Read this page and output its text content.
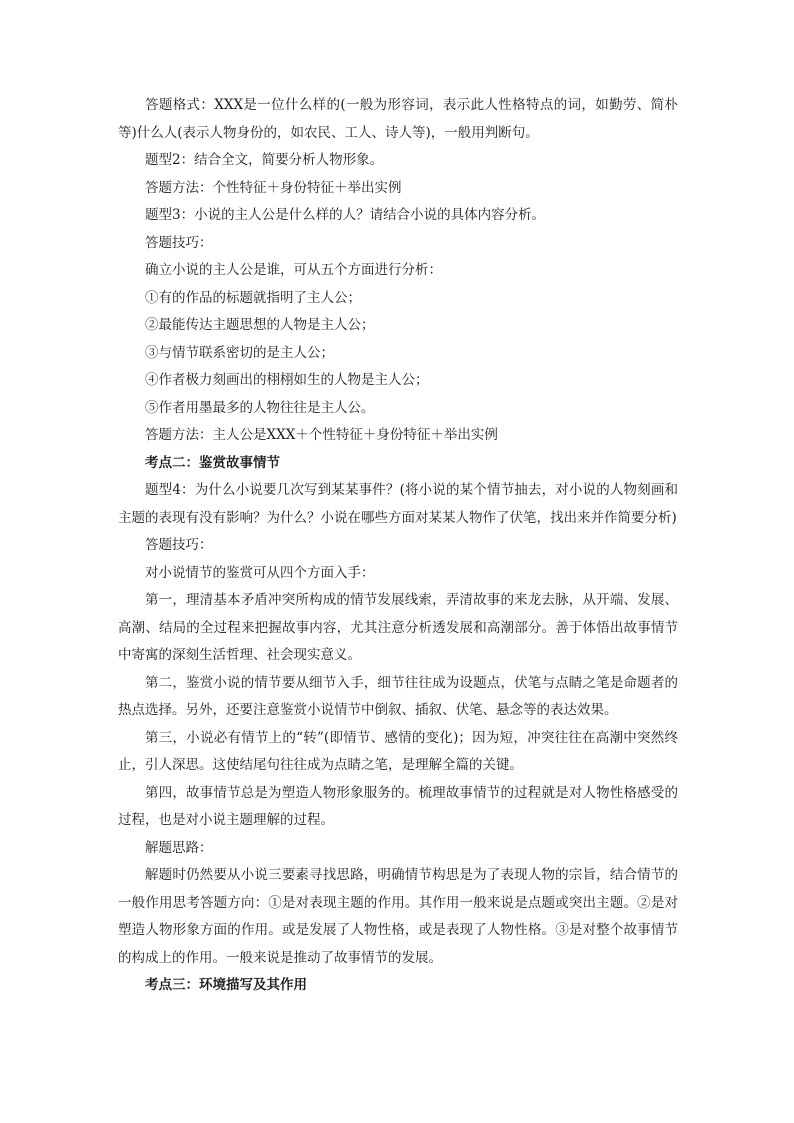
答题格式：XXX是一位什么样的(一般为形容词，表示此人性格特点的词，如勤劳、简朴等)什么人(表示人物身份的，如农民、工人、诗人等)，一般用判断句。

题型2：结合全文，简要分析人物形象。

答题方法：个性特征＋身份特征＋举出实例

题型3：小说的主人公是什么样的人？请结合小说的具体内容分析。

答题技巧：

确立小说的主人公是谁，可从五个方面进行分析：

①有的作品的标题就指明了主人公；

②最能传达主题思想的人物是主人公；

③与情节联系密切的是主人公；

④作者极力刻画出的栩栩如生的人物是主人公；

⑤作者用墨最多的人物往往是主人公。

答题方法：主人公是XXX＋个性特征＋身份特征＋举出实例

考点二：鉴赏故事情节

题型4：为什么小说要几次写到某某事件？(将小说的某个情节抽去，对小说的人物刻画和主题的表现有没有影响？为什么？小说在哪些方面对某某人物作了伏笔，找出来并作简要分析)

答题技巧：

对小说情节的鉴赏可从四个方面入手：

第一，理清基本矛盾冲突所构成的情节发展线索，弄清故事的来龙去脉，从开端、发展、高潮、结局的全过程来把握故事内容，尤其注意分析透发展和高潮部分。善于体悟出故事情节中寄寓的深刻生活哲理、社会现实意义。

第二，鉴赏小说的情节要从细节入手，细节往往成为设题点，伏笔与点睛之笔是命题者的热点选择。另外，还要注意鉴赏小说情节中倒叙、插叙、伏笔、悬念等的表达效果。

第三，小说必有情节上的“转”(即情节、感情的变化)；因为短，冲突往往在高潮中突然终止，引人深思。这使结尾句往往成为点睛之笔，是理解全篇的关键。

第四，故事情节总是为塑造人物形象服务的。梳理故事情节的过程就是对人物性格感受的过程，也是对小说主题理解的过程。

解题思路：

解题时仍然要从小说三要素寻找思路，明确情节构思是为了表现人物的宗旨，结合情节的一般作用思考答题方向：①是对表现主题的作用。其作用一般来说是点题或突出主题。②是对塑造人物形象方面的作用。或是发展了人物性格，或是表现了人物性格。③是对整个故事情节的构成上的作用。一般来说是推动了故事情节的发展。

考点三：环境描写及其作用
